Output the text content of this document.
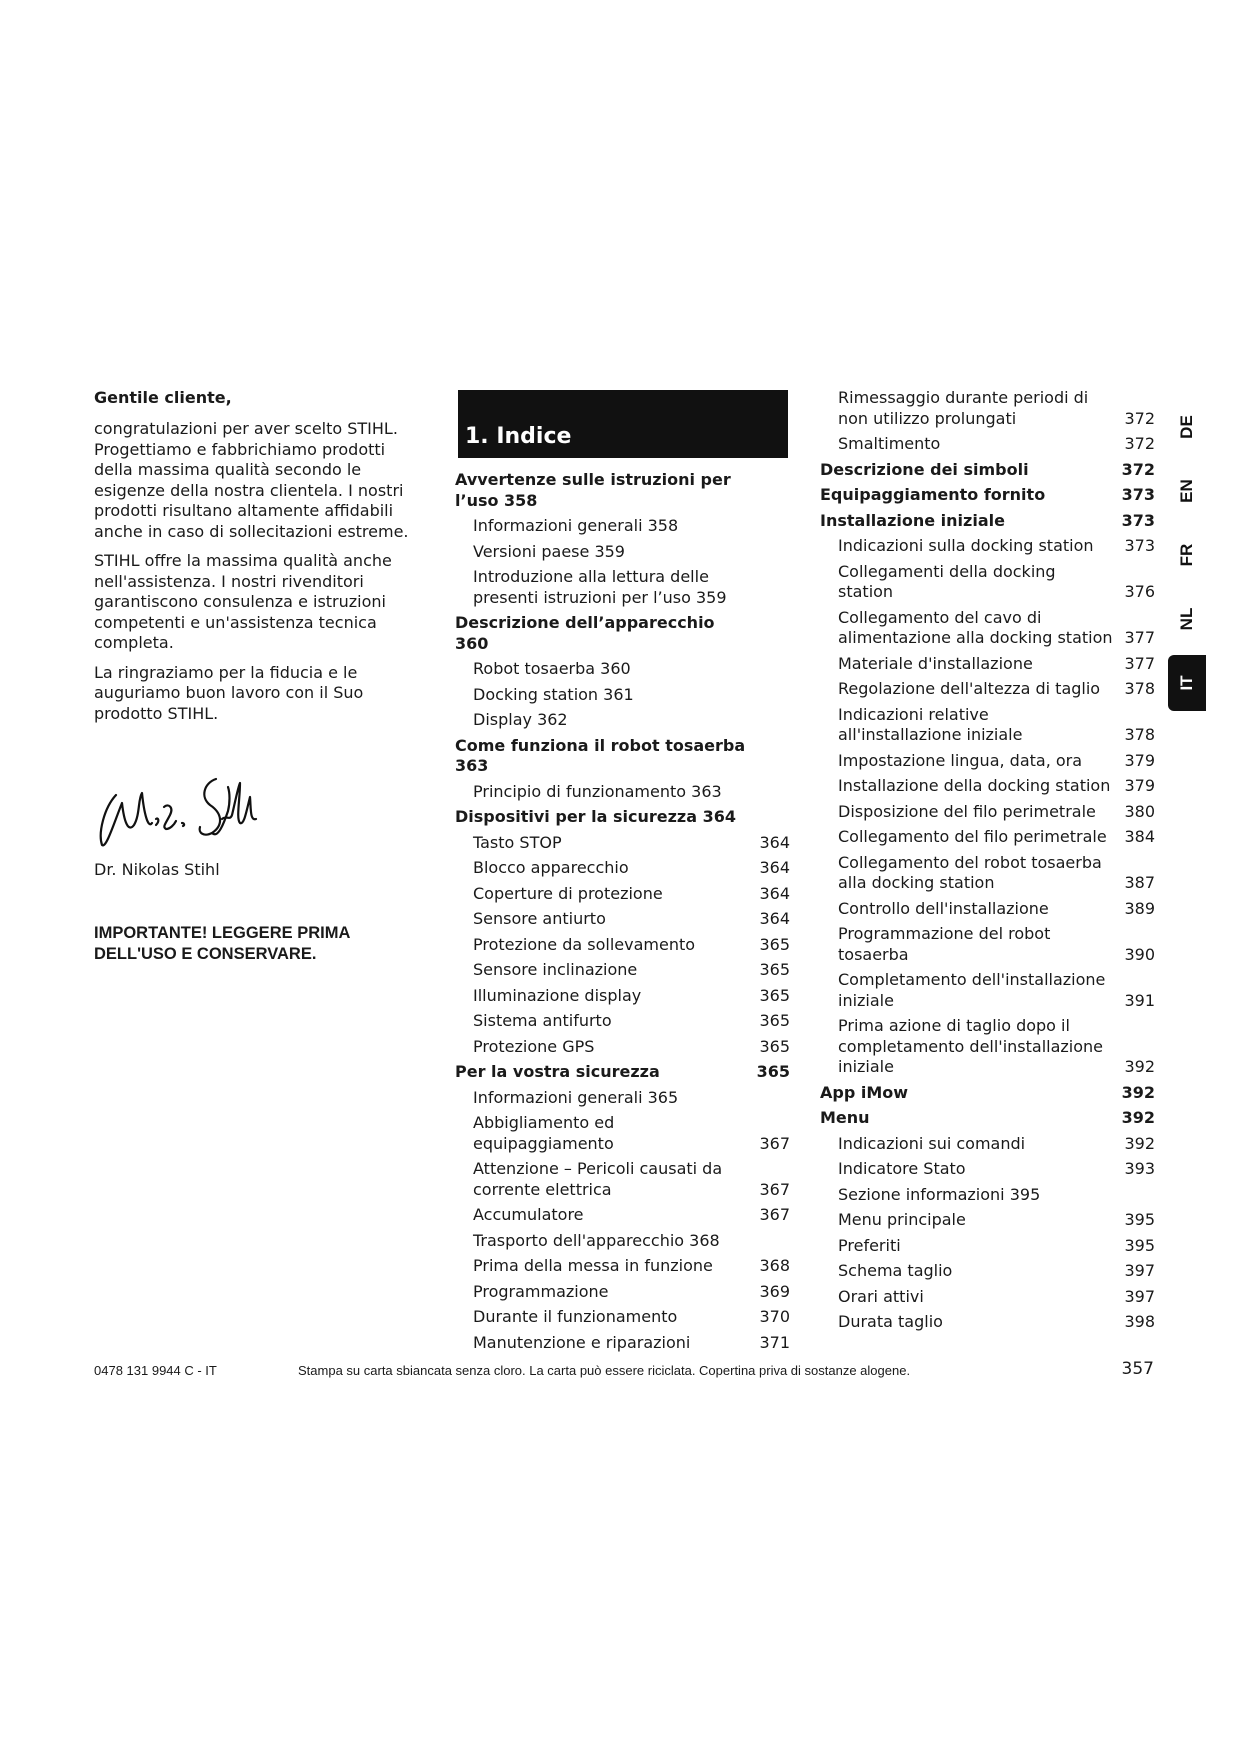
Gentile cliente,

congratulazioni per aver scelto STIHL. Progettiamo e fabbrichiamo prodotti della massima qualità secondo le esigenze della nostra clientela. I nostri prodotti risultano altamente affidabili anche in caso di sollecitazioni estreme.

STIHL offre la massima qualità anche nell'assistenza. I nostri rivenditori garantiscono consulenza e istruzioni competenti e un'assistenza tecnica completa.

La ringraziamo per la fiducia e le auguriamo buon lavoro con il Suo prodotto STIHL.

Dr. Nikolas Stihl

IMPORTANTE! LEGGERE PRIMA
DELL'USO E CONSERVARE.

1. Indice
Avvertenze sulle istruzioni per l’uso 358
Informazioni generali 358
Versioni paese 359
Introduzione alla lettura delle presenti istruzioni per l’uso 359
Descrizione dell’apparecchio 360
Robot tosaerba 360
Docking station 361
Display 362
Come funziona il robot tosaerba 363
Principio di funzionamento 363
Dispositivi per la sicurezza 364
Tasto STOP	364
Blocco apparecchio	364
Coperture di protezione	364
Sensore antiurto	364
Protezione da sollevamento	365
Sensore inclinazione	365
Illuminazione display	365
Sistema antifurto	365
Protezione GPS	365
Per la vostra sicurezza	365
Informazioni generali 365
Abbigliamento ed equipaggiamento	367
Attenzione – Pericoli causati da corrente elettrica	367
Accumulatore	367
Trasporto dell'apparecchio 368
Prima della messa in funzione	368
Programmazione	369
Durante il funzionamento	370
Manutenzione e riparazioni	371
Rimessaggio durante periodi di non utilizzo prolungati	372
Smaltimento	372
Descrizione dei simboli	372
Equipaggiamento fornito	373
Installazione iniziale	373
Indicazioni sulla docking station	373
Collegamenti della docking station	376
Collegamento del cavo di alimentazione alla docking station 377
Materiale d'installazione	377
Regolazione dell'altezza di taglio	378
Indicazioni relative all'installazione iniziale	378
Impostazione lingua, data, ora	379
Installazione della docking station 379
Disposizione del filo perimetrale	380
Collegamento del filo perimetrale	384
Collegamento del robot tosaerba alla docking station	387
Controllo dell'installazione	389
Programmazione del robot tosaerba	390
Completamento dell'installazione iniziale	391
Prima azione di taglio dopo il completamento dell'installazione iniziale	392
App iMow	392
Menu	392
Indicazioni sui comandi	392
Indicatore Stato	393
Sezione informazioni 395
Menu principale	395
Preferiti	395
Schema taglio	397
Orari attivi	397
Durata taglio	398
DE
EN
FR
NL
IT
0478 131 9944 C - IT	Stampa su carta sbiancata senza cloro. La carta può essere riciclata. Copertina priva di sostanze alogene.	357
